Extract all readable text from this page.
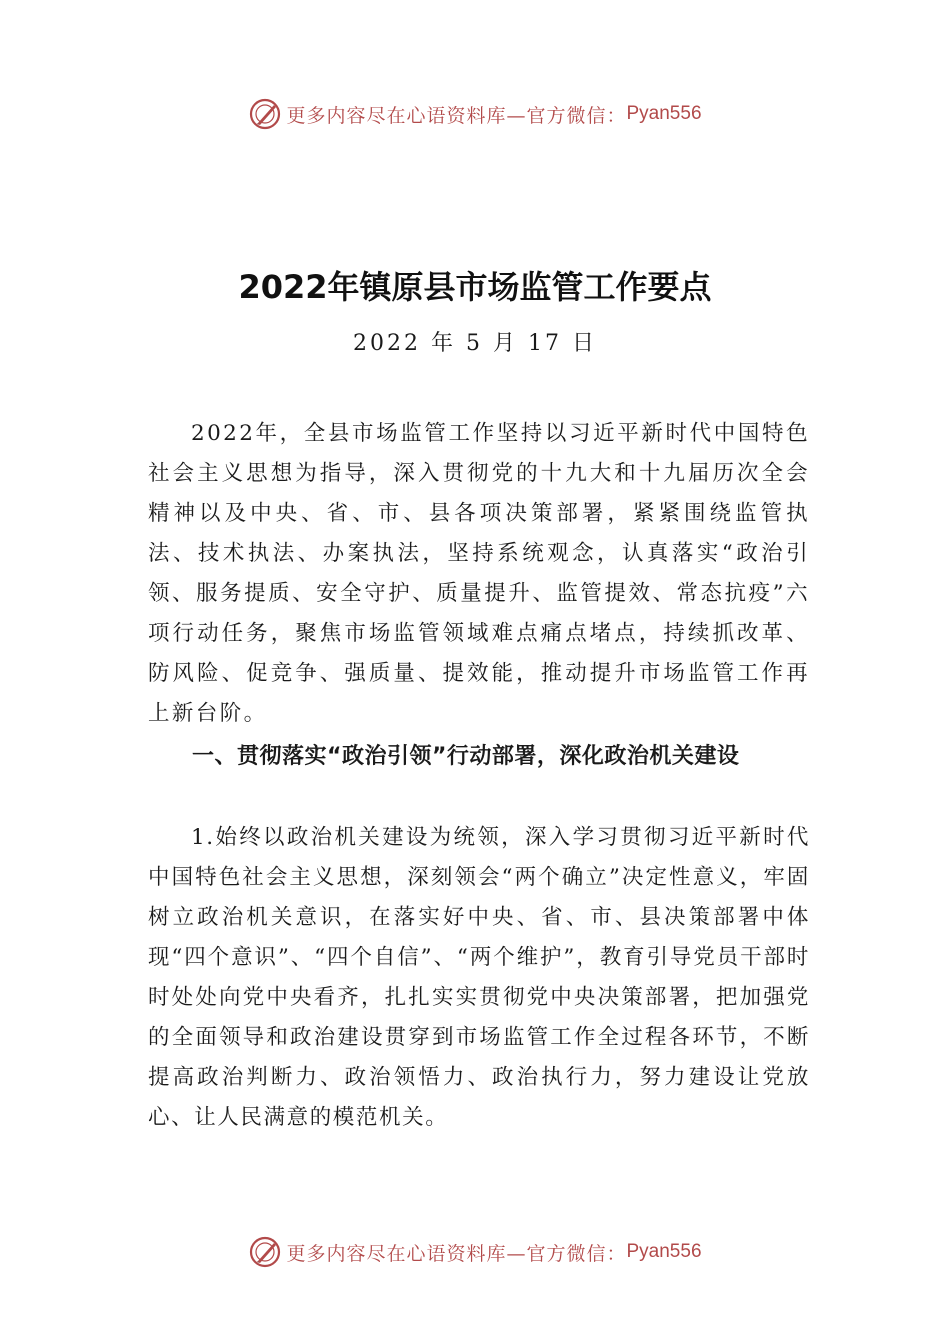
更多内容尽在心语资料库—官方微信： Pyan556
2022年镇原县市场监管工作要点
2022 年 5 月 17 日

2022年，全县市场监管工作坚持以习近平新时代中国特色社会主义思想为指导，深入贯彻党的十九大和十九届历次全会精神以及中央、省、市、县各项决策部署，紧紧围绕监管执法、技术执法、办案执法，坚持系统观念，认真落实“政治引领、服务提质、安全守护、质量提升、监管提效、常态抗疫”六项行动任务，聚焦市场监管领域难点痛点堵点，持续抓改革、防风险、促竞争、强质量、提效能，推动提升市场监管工作再上新台阶。

一、贯彻落实“政治引领”行动部署，深化政治机关建设

1.始终以政治机关建设为统领，深入学习贯彻习近平新时代中国特色社会主义思想，深刻领会“两个确立”决定性意义，牢固树立政治机关意识，在落实好中央、省、市、县决策部署中体现“四个意识”、“四个自信”、“两个维护”，教育引导党员干部时时处处向党中央看齐，扎扎实实贯彻党中央决策部署，把加强党的全面领导和政治建设贯穿到市场监管工作全过程各环节，不断提高政治判断力、政治领悟力、政治执行力，努力建设让党放心、让人民满意的模范机关。

更多内容尽在心语资料库—官方微信： Pyan556
